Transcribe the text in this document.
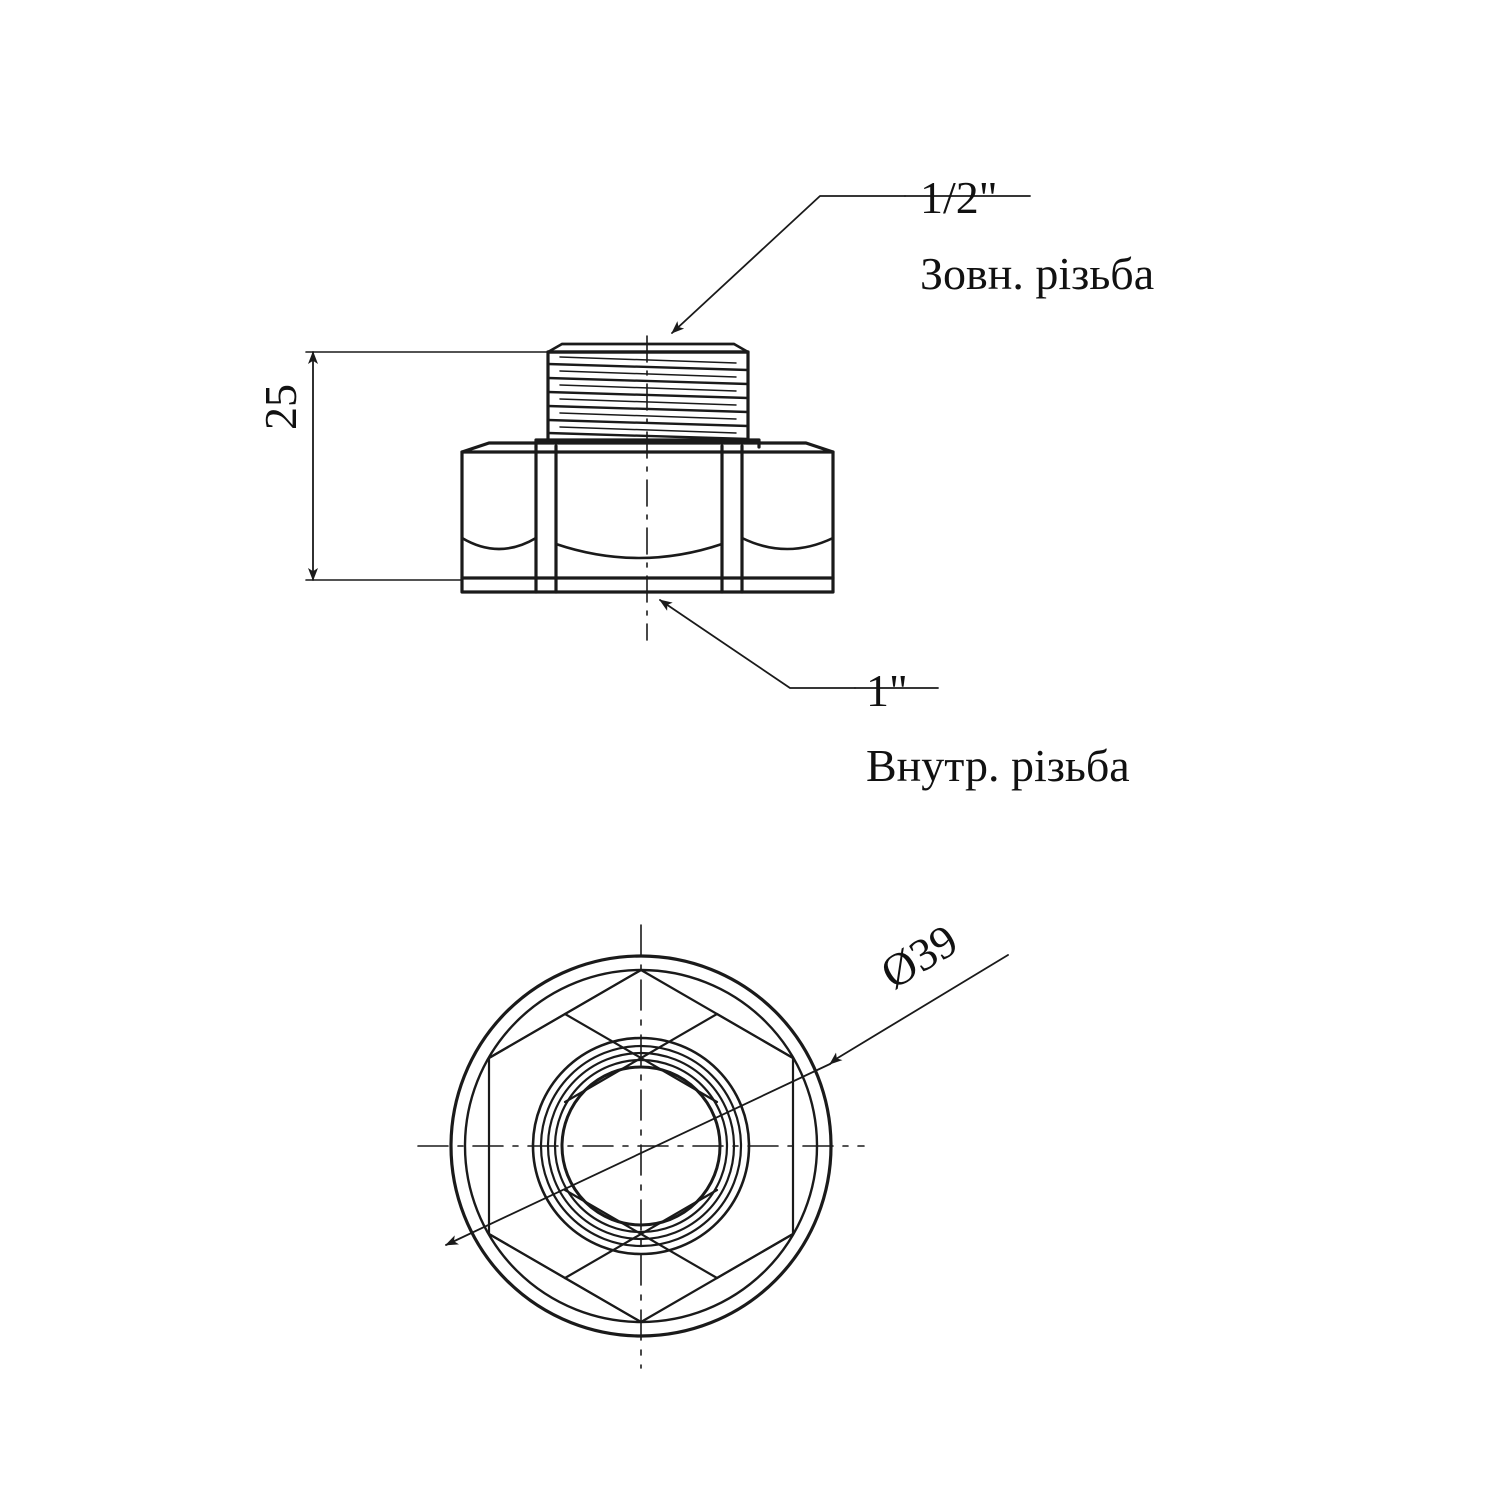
1/2"
Зовн. різьба
1"
Внутр. різьба
25
Ø39
